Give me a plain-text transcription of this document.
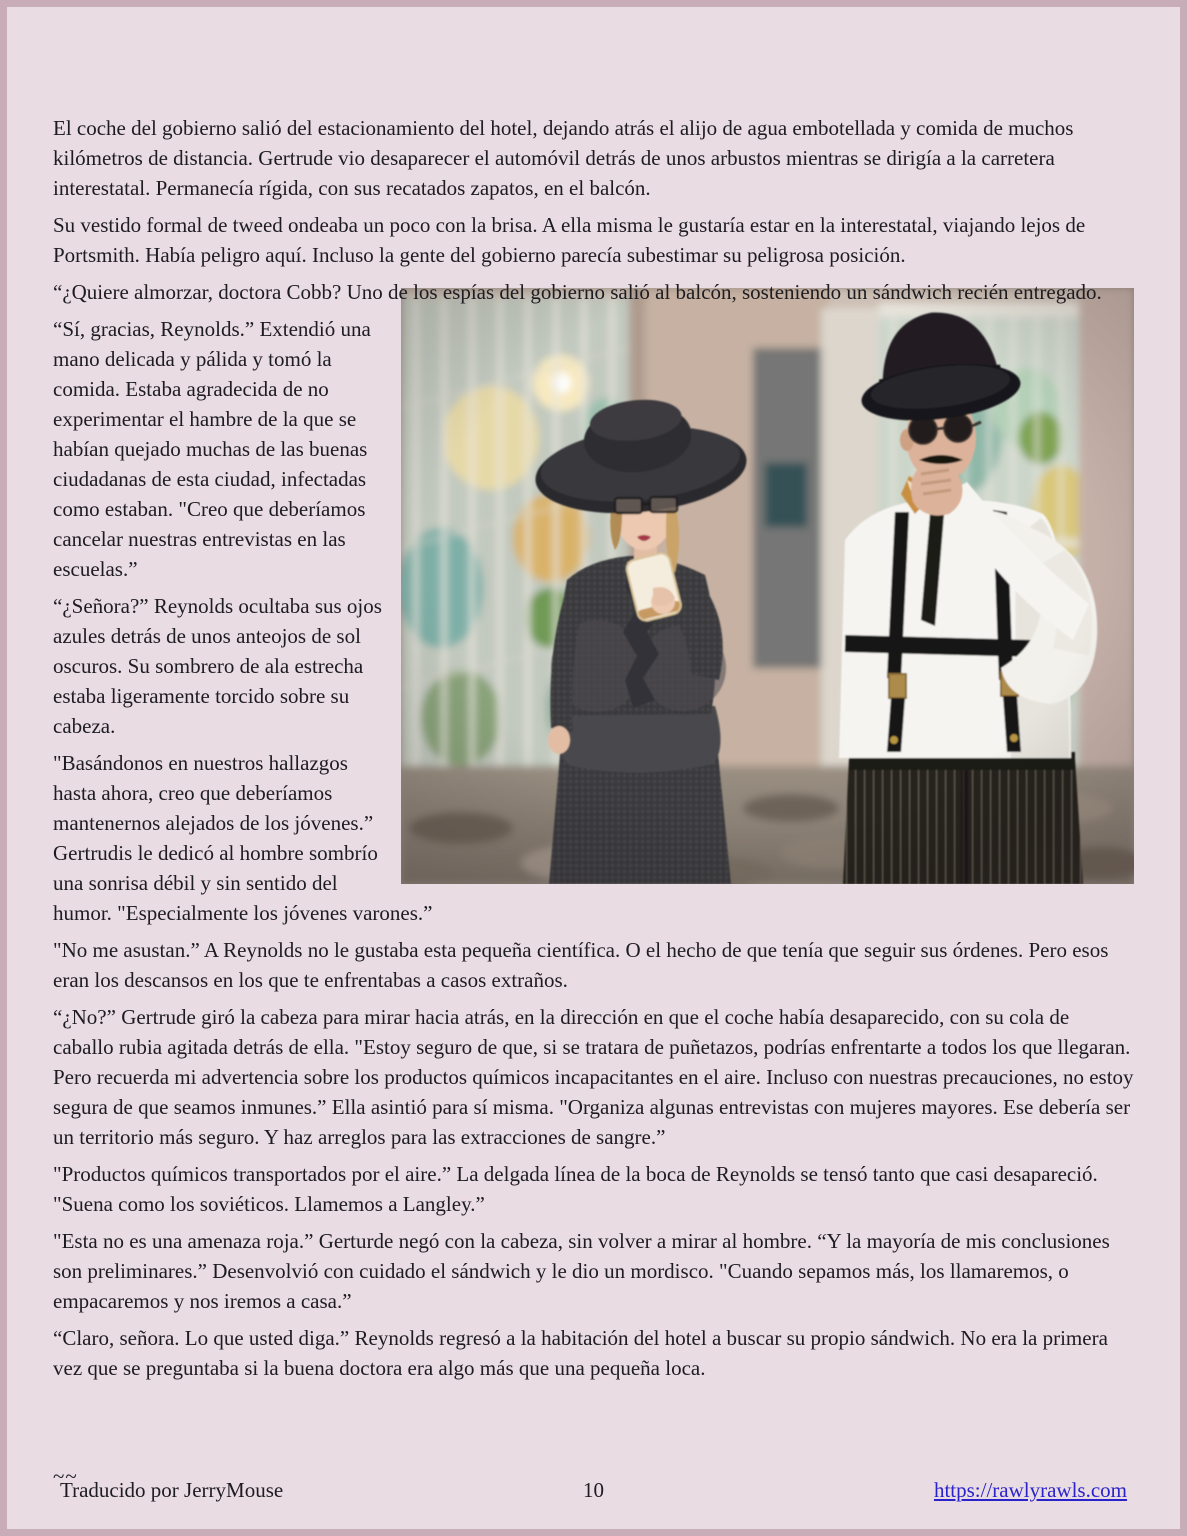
El coche del gobierno salió del estacionamiento del hotel, dejando atrás el alijo de agua embotellada y comida de muchos kilómetros de distancia. Gertrude vio desaparecer el automóvil detrás de unos arbustos mientras se dirigía a la carretera interestatal. Permanecía rígida, con sus recatados zapatos, en el balcón.

Su vestido formal de tweed ondeaba un poco con la brisa. A ella misma le gustaría estar en la interestatal, viajando lejos de Portsmith. Había peligro aquí. Incluso la gente del gobierno parecía subestimar su peligrosa posición.

“¿Quiere almorzar, doctora Cobb? Uno de los espías del gobierno salió al balcón, sosteniendo un sándwich recién entregado.

“Sí, gracias, Reynolds.” Extendió una mano delicada y pálida y tomó la comida. Estaba agradecida de no experimentar el hambre de la que se habían quejado muchas de las buenas ciudadanas de esta ciudad, infectadas como estaban. "Creo que deberíamos cancelar nuestras entrevistas en las escuelas.”

“¿Señora?” Reynolds ocultaba sus ojos azules detrás de unos anteojos de sol oscuros. Su sombrero de ala estrecha estaba ligeramente torcido sobre su cabeza.

"Basándonos en nuestros hallazgos hasta ahora, creo que deberíamos mantenernos alejados de los jóvenes.” Gertrudis le dedicó al hombre sombrío una sonrisa débil y sin sentido del humor. "Especialmente los jóvenes varones.”

"No me asustan.” A Reynolds no le gustaba esta pequeña científica. O el hecho de que tenía que seguir sus órdenes. Pero esos eran los descansos en los que te enfrentabas a casos extraños.

“¿No?” Gertrude giró la cabeza para mirar hacia atrás, en la dirección en que el coche había desaparecido, con su cola de caballo rubia agitada detrás de ella. "Estoy seguro de que, si se tratara de puñetazos, podrías enfrentarte a todos los que llegaran. Pero recuerda mi advertencia sobre los productos químicos incapacitantes en el aire. Incluso con nuestras precauciones, no estoy segura de que seamos inmunes.” Ella asintió para sí misma. "Organiza algunas entrevistas con mujeres mayores. Ese debería ser un territorio más seguro. Y haz arreglos para las extracciones de sangre.”

"Productos químicos transportados por el aire.” La delgada línea de la boca de Reynolds se tensó tanto que casi desapareció. "Suena como los soviéticos. Llamemos a Langley.”

"Esta no es una amenaza roja.” Gerturde negó con la cabeza, sin volver a mirar al hombre. “Y la mayoría de mis conclusiones son preliminares.” Desenvolvió con cuidado el sándwich y le dio un mordisco. "Cuando sepamos más, los llamaremos, o empacaremos y nos iremos a casa.”

“Claro, señora. Lo que usted diga.” Reynolds regresó a la habitación del hotel a buscar su propio sándwich. No era la primera vez que se preguntaba si la buena doctora era algo más que una pequeña loca.

~~

Traducido por JerryMouse	10	https://rawlyrawls.com
